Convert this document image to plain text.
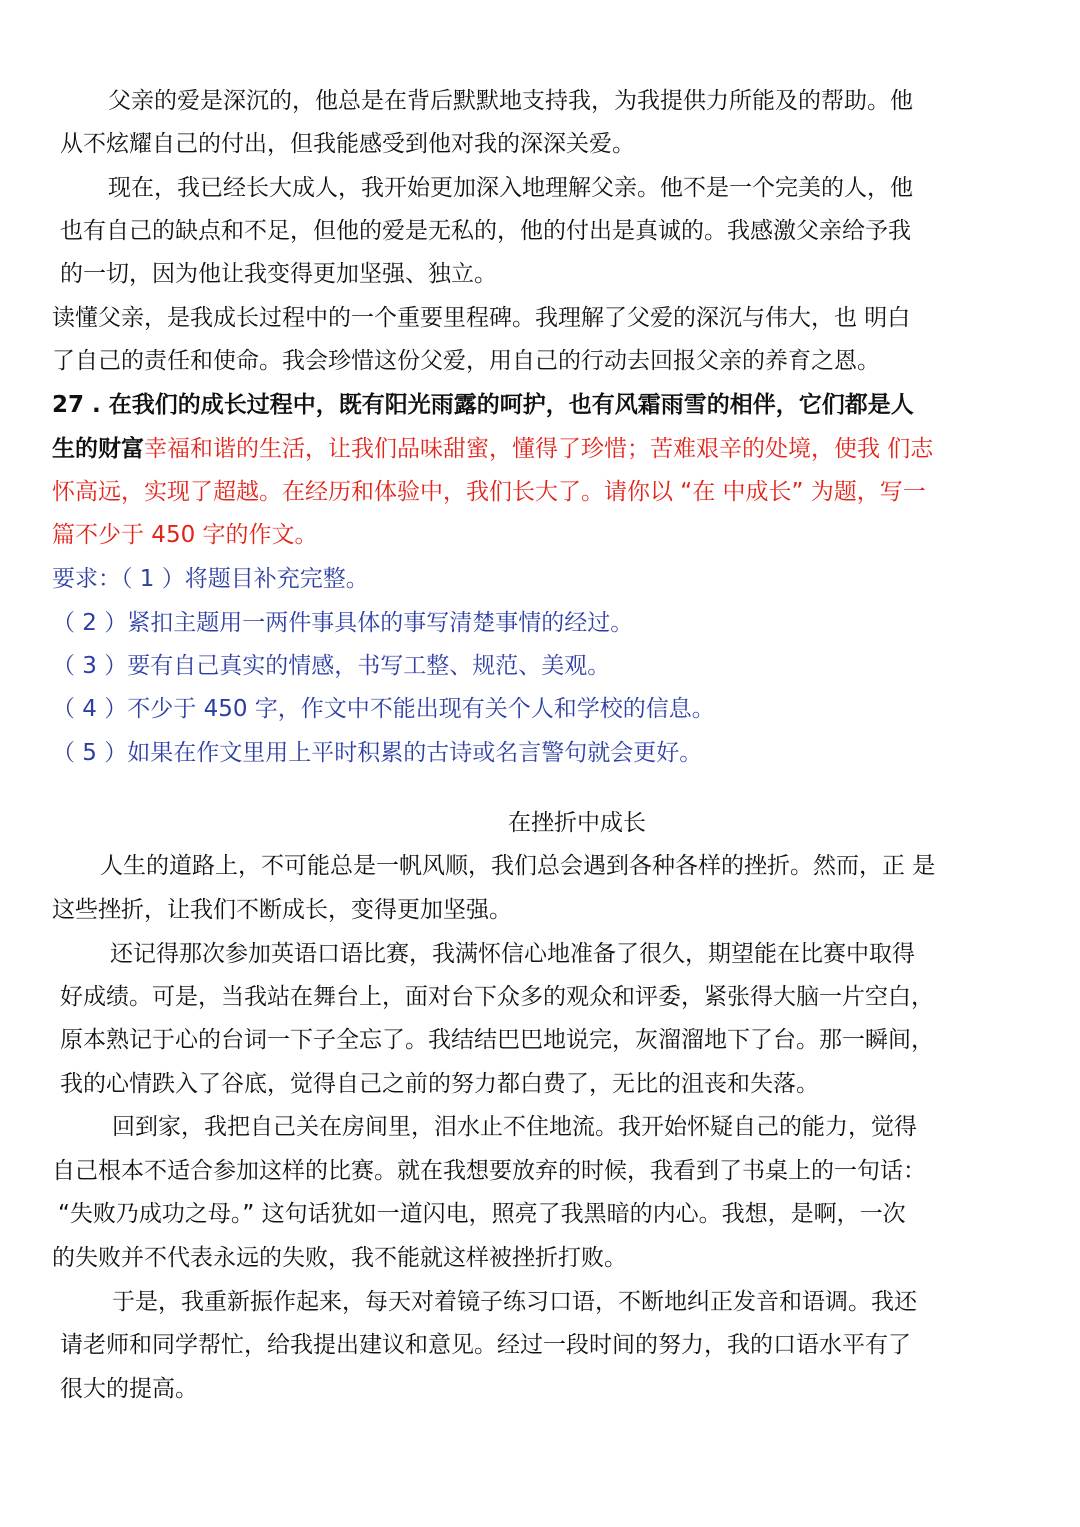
父亲的爱是深沉的，他总是在背后默默地支持我，为我提供力所能及的帮助。他
从不炫耀自己的付出，但我能感受到他对我的深深关爱。
现在，我已经长大成人，我开始更加深入地理解父亲。他不是一个完美的人，他
也有自己的缺点和不足，但他的爱是无私的，他的付出是真诚的。我感激父亲给予我
的一切，因为他让我变得更加坚强、独立。
读懂父亲，是我成长过程中的一个重要里程碑。我理解了父爱的深沉与伟大，也 明白
了自己的责任和使命。我会珍惜这份父爱，用自己的行动去回报父亲的养育之恩。
27 . 在我们的成长过程中，既有阳光雨露的呵护，也有风霜雨雪的相伴，它们都是人
生的财富幸福和谐的生活，让我们品味甜蜜，懂得了珍惜；苦难艰辛的处境，使我 们志
怀高远，实现了超越。在经历和体验中，我们长大了。请你以 “在 中成长” 为题，写一
篇不少于 450 字的作文。
要求：（ 1 ）将题目补充完整。
（ 2 ）紧扣主题用一两件事具体的事写清楚事情的经过。
（ 3 ）要有自己真实的情感，书写工整、规范、美观。
（ 4 ）不少于 450 字，作文中不能出现有关个人和学校的信息。
（ 5 ）如果在作文里用上平时积累的古诗或名言警句就会更好。
在挫折中成长
人生的道路上，不可能总是一帆风顺，我们总会遇到各种各样的挫折。然而，正 是
这些挫折，让我们不断成长，变得更加坚强。
还记得那次参加英语口语比赛，我满怀信心地准备了很久，期望能在比赛中取得
好成绩。可是，当我站在舞台上，面对台下众多的观众和评委，紧张得大脑一片空白，
原本熟记于心的台词一下子全忘了。我结结巴巴地说完，灰溜溜地下了台。那一瞬间，
我的心情跌入了谷底，觉得自己之前的努力都白费了，无比的沮丧和失落。
回到家，我把自己关在房间里，泪水止不住地流。我开始怀疑自己的能力，觉得
自己根本不适合参加这样的比赛。就在我想要放弃的时候，我看到了书桌上的一句话：
“失败乃成功之母。” 这句话犹如一道闪电，照亮了我黑暗的内心。我想，是啊，一次
的失败并不代表永远的失败，我不能就这样被挫折打败。
于是，我重新振作起来，每天对着镜子练习口语，不断地纠正发音和语调。我还
请老师和同学帮忙，给我提出建议和意见。经过一段时间的努力，我的口语水平有了
很大的提高。
